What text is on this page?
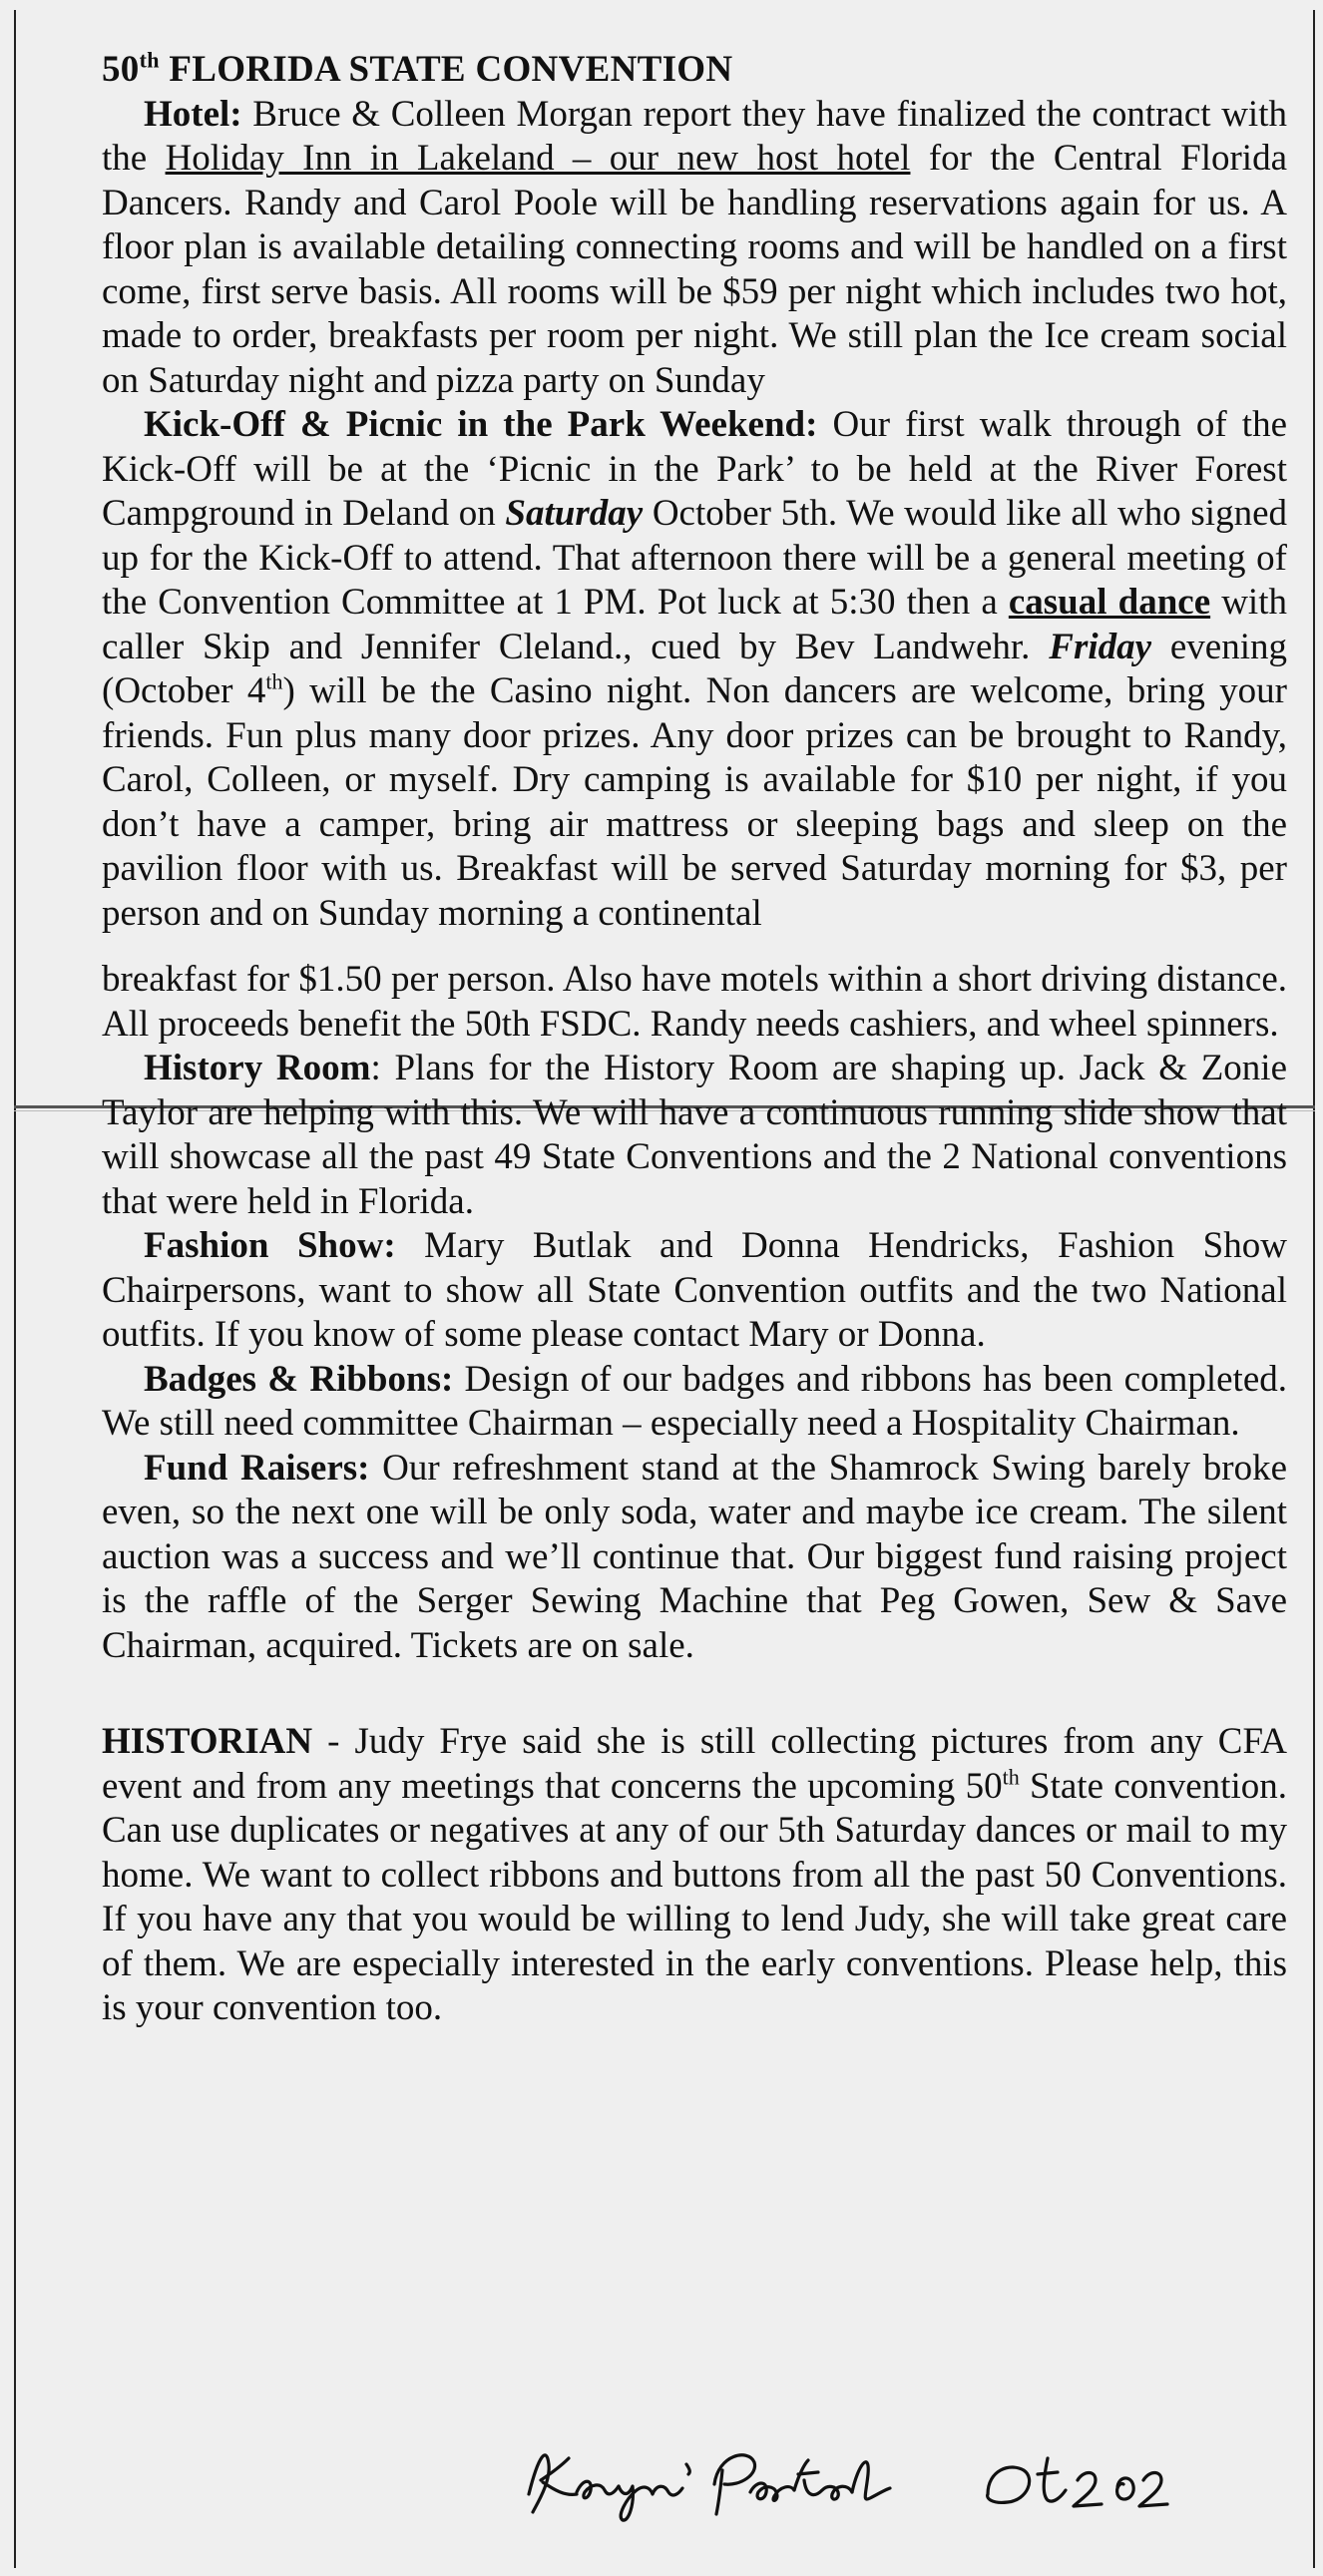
50th FLORIDA STATE CONVENTION

Hotel: Bruce & Colleen Morgan report they have finalized the contract with the Holiday Inn in Lakeland – our new host hotel for the Central Florida Dancers. Randy and Carol Poole will be handling reservations again for us. A floor plan is available detailing connecting rooms and will be handled on a first come, first serve basis. All rooms will be $59 per night which includes two hot, made to order, breakfasts per room per night. We still plan the Ice cream social on Saturday night and pizza party on Sunday

Kick-Off & Picnic in the Park Weekend: Our first walk through of the Kick-Off will be at the ‘Picnic in the Park’ to be held at the River Forest Campground in Deland on Saturday October 5th. We would like all who signed up for the Kick-Off to attend. That afternoon there will be a general meeting of the Convention Committee at 1 PM. Pot luck at 5:30 then a casual dance with caller Skip and Jennifer Cleland., cued by Bev Landwehr. Friday evening (October 4th) will be the Casino night. Non dancers are welcome, bring your friends. Fun plus many door prizes. Any door prizes can be brought to Randy, Carol, Colleen, or myself. Dry camping is available for $10 per night, if you don’t have a camper, bring air mattress or sleeping bags and sleep on the pavilion floor with us. Breakfast will be served Saturday morning for $3, per person and on Sunday morning a continental

breakfast for $1.50 per person. Also have motels within a short driving distance. All proceeds benefit the 50th FSDC. Randy needs cashiers, and wheel spinners.

History Room: Plans for the History Room are shaping up. Jack & Zonie Taylor are helping with this. We will have a continuous running slide show that will showcase all the past 49 State Conventions and the 2 National conventions that were held in Florida.

Fashion Show: Mary Butlak and Donna Hendricks, Fashion Show Chairpersons, want to show all State Convention outfits and the two National outfits. If you know of some please contact Mary or Donna.

Badges & Ribbons: Design of our badges and ribbons has been completed. We still need committee Chairman – especially need a Hospitality Chairman.

Fund Raisers: Our refreshment stand at the Shamrock Swing barely broke even, so the next one will be only soda, water and maybe ice cream. The silent auction was a success and we’ll continue that. Our biggest fund raising project is the raffle of the Serger Sewing Machine that Peg Gowen, Sew & Save Chairman, acquired. Tickets are on sale.

HISTORIAN - Judy Frye said she is still collecting pictures from any CFA event and from any meetings that concerns the upcoming 50th State convention. Can use duplicates or negatives at any of our 5th Saturday dances or mail to my home. We want to collect ribbons and buttons from all the past 50 Conventions. If you have any that you would be willing to lend Judy, she will take great care of them. We are especially interested in the early conventions. Please help, this is your convention too.
